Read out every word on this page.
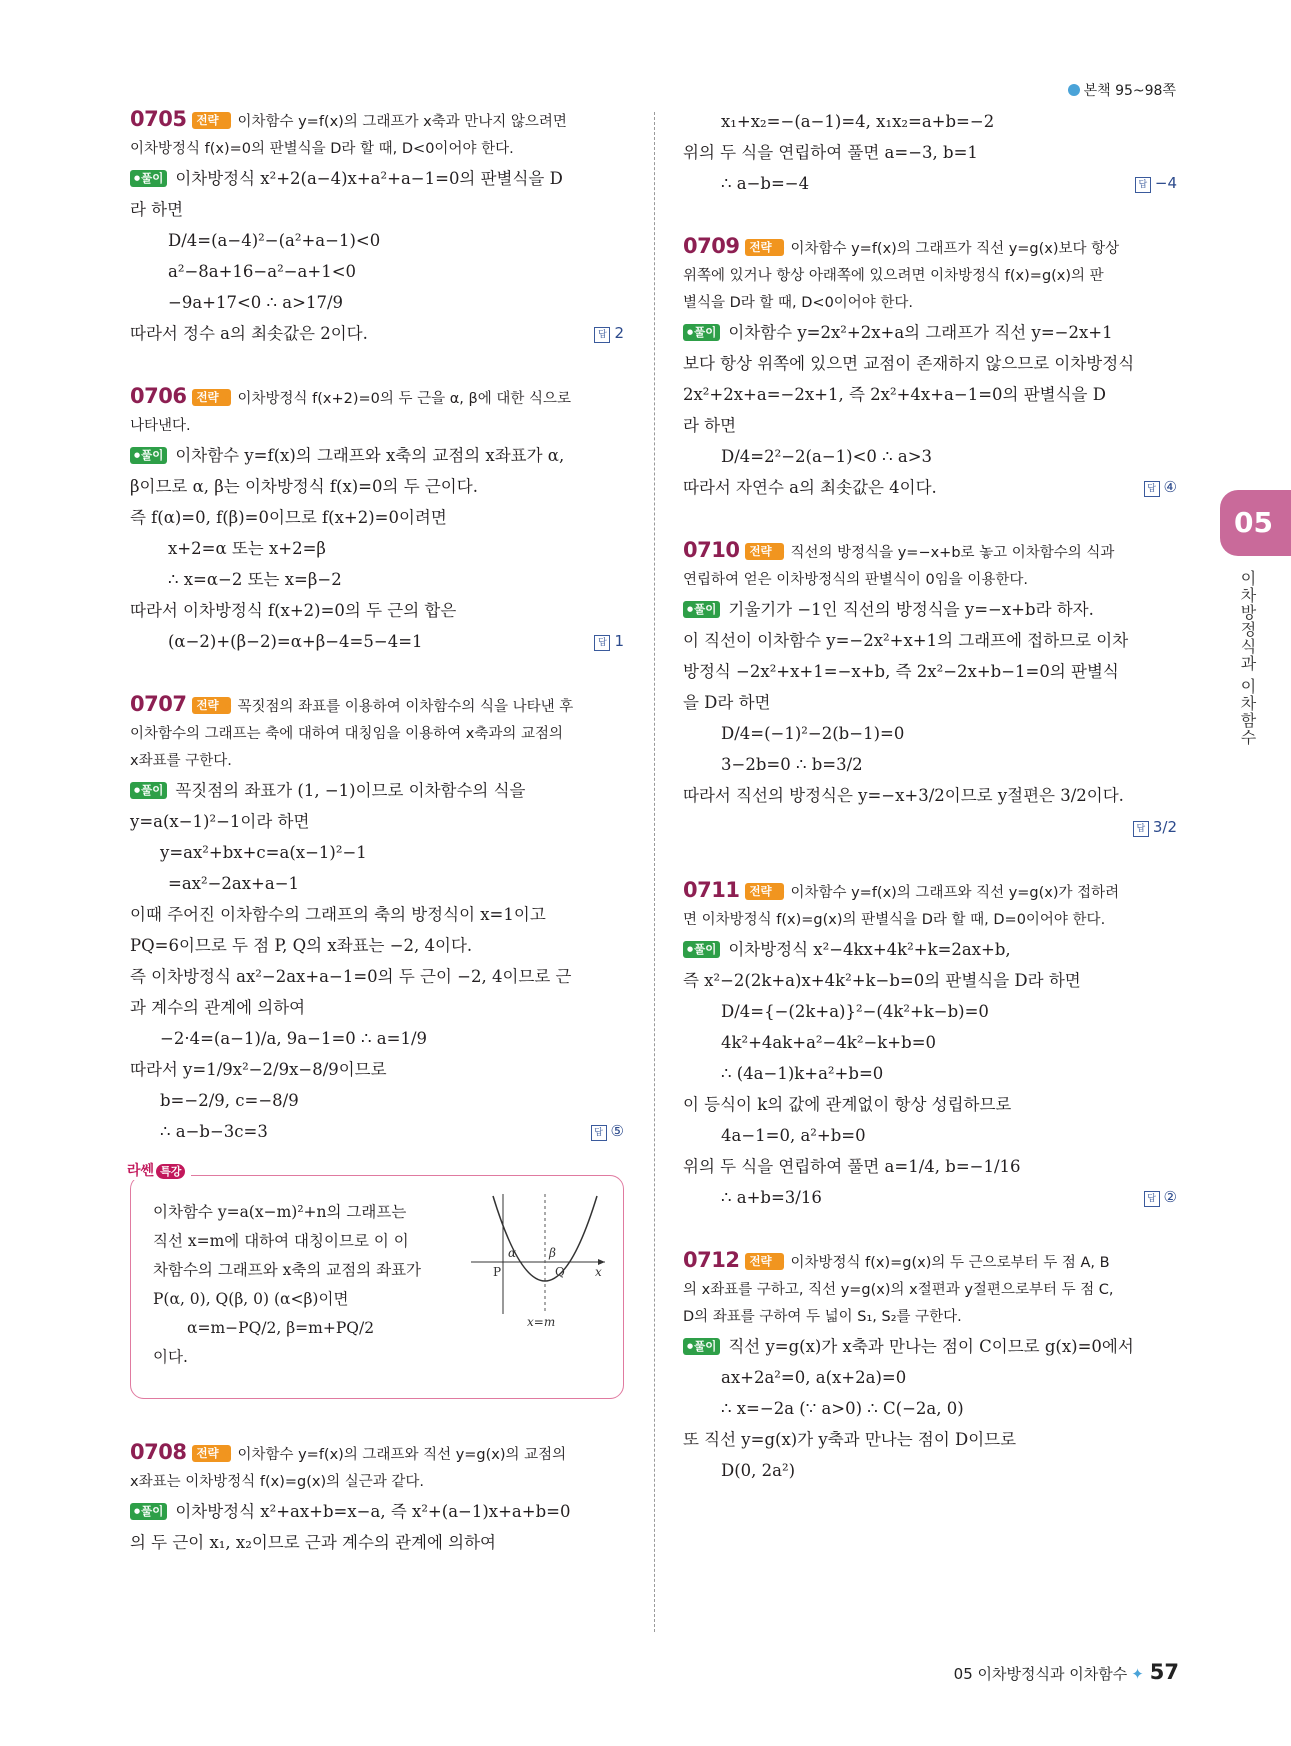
본책 95~98쪽
0705 전략 ▸ 이차함수 y=f(x)의 그래프가 x축과 만나지 않으려면
이차방정식 f(x)=0의 판별식을 D라 할 때, D<0이어야 한다.
● 풀이 이차방정식 x²+2(a−4)x+a²+a−1=0의 판별식을 D
라 하면
D/4=(a−4)²−(a²+a−1)<0
a²−8a+16−a²−a+1<0
−9a+17<0 ∴ a>17/9
따라서 정수 a의 최솟값은 2이다.	답 2
0706 전략 ▸ 이차방정식 f(x+2)=0의 두 근을 α, β에 대한 식으로
나타낸다.
● 풀이 이차함수 y=f(x)의 그래프와 x축의 교점의 x좌표가 α,
β이므로 α, β는 이차방정식 f(x)=0의 두 근이다.
즉 f(α)=0, f(β)=0이므로 f(x+2)=0이려면
x+2=α 또는 x+2=β
∴ x=α−2 또는 x=β−2
따라서 이차방정식 f(x+2)=0의 두 근의 합은
(α−2)+(β−2)=α+β−4=5−4=1	답 1
0707 전략 ▸ 꼭짓점의 좌표를 이용하여 이차함수의 식을 나타낸 후
이차함수의 그래프는 축에 대하여 대칭임을 이용하여 x축과의 교점의
x좌표를 구한다.
● 풀이 꼭짓점의 좌표가 (1, −1)이므로 이차함수의 식을
y=a(x−1)²−1이라 하면
y=ax²+bx+c=a(x−1)²−1
=ax²−2ax+a−1
이때 주어진 이차함수의 그래프의 축의 방정식이 x=1이고
PQ=6이므로 두 점 P, Q의 x좌표는 −2, 4이다.
즉 이차방정식 ax²−2ax+a−1=0의 두 근이 −2, 4이므로 근
과 계수의 관계에 의하여
−2·4=(a−1)/a, 9a−1=0 ∴ a=1/9
따라서 y=1/9x²−2/9x−8/9이므로
b=−2/9, c=−8/9
∴ a−b−3c=3	답 ⑤
라쎈 특강
이차함수 y=a(x−m)²+n의 그래프는
직선 x=m에 대하여 대칭이므로 이 이
차함수의 그래프와 x축의 교점의 좌표가
P(α, 0), Q(β, 0) (α<β)이면
α=m−PQ/2, β=m+PQ/2
이다.
α	β
P	Q	x
x=m
0708 전략 ▸ 이차함수 y=f(x)의 그래프와 직선 y=g(x)의 교점의
x좌표는 이차방정식 f(x)=g(x)의 실근과 같다.
● 풀이 이차방정식 x²+ax+b=x−a, 즉 x²+(a−1)x+a+b=0
의 두 근이 x₁, x₂이므로 근과 계수의 관계에 의하여
x₁+x₂=−(a−1)=4, x₁x₂=a+b=−2
위의 두 식을 연립하여 풀면 a=−3, b=1
∴ a−b=−4	답 −4
0709 전략 ▸ 이차함수 y=f(x)의 그래프가 직선 y=g(x)보다 항상
위쪽에 있거나 항상 아래쪽에 있으려면 이차방정식 f(x)=g(x)의 판
별식을 D라 할 때, D<0이어야 한다.
● 풀이 이차함수 y=2x²+2x+a의 그래프가 직선 y=−2x+1
보다 항상 위쪽에 있으면 교점이 존재하지 않으므로 이차방정식
2x²+2x+a=−2x+1, 즉 2x²+4x+a−1=0의 판별식을 D
라 하면
D/4=2²−2(a−1)<0 ∴ a>3
따라서 자연수 a의 최솟값은 4이다.	답 ④
0710 전략 ▸ 직선의 방정식을 y=−x+b로 놓고 이차함수의 식과
연립하여 얻은 이차방정식의 판별식이 0임을 이용한다.
● 풀이 기울기가 −1인 직선의 방정식을 y=−x+b라 하자.
이 직선이 이차함수 y=−2x²+x+1의 그래프에 접하므로 이차
방정식 −2x²+x+1=−x+b, 즉 2x²−2x+b−1=0의 판별식
을 D라 하면
D/4=(−1)²−2(b−1)=0
3−2b=0 ∴ b=3/2
따라서 직선의 방정식은 y=−x+3/2이므로 y절편은 3/2이다.
답 3/2
0711 전략 ▸ 이차함수 y=f(x)의 그래프와 직선 y=g(x)가 접하려
면 이차방정식 f(x)=g(x)의 판별식을 D라 할 때, D=0이어야 한다.
● 풀이 이차방정식 x²−4kx+4k²+k=2ax+b,
즉 x²−2(2k+a)x+4k²+k−b=0의 판별식을 D라 하면
D/4={−(2k+a)}²−(4k²+k−b)=0
4k²+4ak+a²−4k²−k+b=0
∴ (4a−1)k+a²+b=0
이 등식이 k의 값에 관계없이 항상 성립하므로
4a−1=0, a²+b=0
위의 두 식을 연립하여 풀면 a=1/4, b=−1/16
∴ a+b=3/16	답 ②
0712 전략 ▸ 이차방정식 f(x)=g(x)의 두 근으로부터 두 점 A, B
의 x좌표를 구하고, 직선 y=g(x)의 x절편과 y절편으로부터 두 점 C,
D의 좌표를 구하여 두 넓이 S₁, S₂를 구한다.
● 풀이 직선 y=g(x)가 x축과 만나는 점이 C이므로 g(x)=0에서
ax+2a²=0, a(x+2a)=0
∴ x=−2a (∵ a>0) ∴ C(−2a, 0)
또 직선 y=g(x)가 y축과 만나는 점이 D이므로
D(0, 2a²)
05
이차방정식과 이차함수
05 이차방정식과 이차함수 ✦ 57
